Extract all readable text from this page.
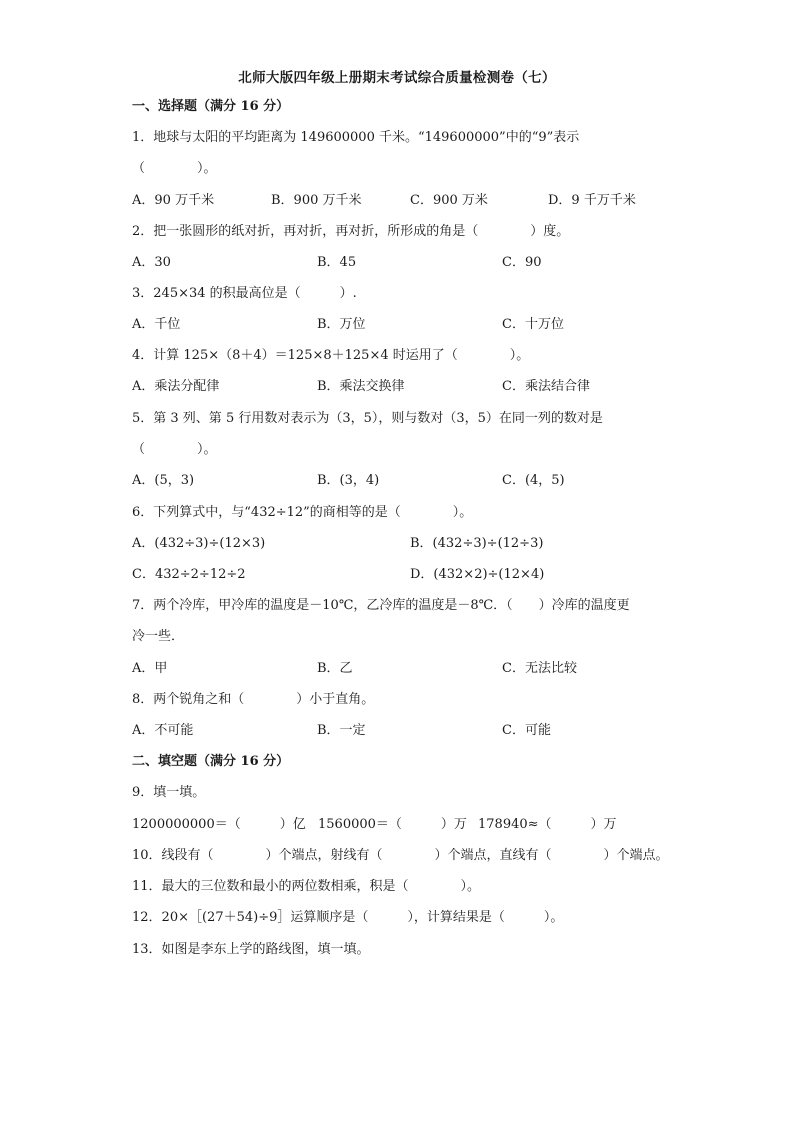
北师大版四年级上册期末考试综合质量检测卷（七）
一、选择题（满分 16 分）
1．地球与太阳的平均距离为 149600000 千米。“149600000”中的“9”表示
（　　　　）。
A．90 万千米	B．900 万千米	C．900 万米	D．9 千万千米
2．把一张圆形的纸对折，再对折，再对折，所形成的角是（　　　　）度。
A．30	B．45	C．90
3．245×34 的积最高位是（　　　）.
A．千位	B．万位	C．十万位
4．计算 125×（8＋4）＝125×8＋125×4 时运用了（　　　　）。
A．乘法分配律	B．乘法交换律	C．乘法结合律
5．第 3 列、第 5 行用数对表示为（3，5），则与数对（3，5）在同一列的数对是
（　　　　）。
A．(5，3)	B．(3，4)	C．(4，5)
6．下列算式中，与“432÷12”的商相等的是（　　　　）。
A．(432÷3)÷(12×3)	B．(432÷3)÷(12÷3)
C．432÷2÷12÷2	D．(432×2)÷(12×4)
7．两个冷库，甲冷库的温度是－10℃，乙冷库的温度是－8℃．（　　）冷库的温度更
冷一些．
A．甲	B．乙	C．无法比较
8．两个锐角之和（　　　　）小于直角。
A．不可能	B．一定	C．可能
二、填空题（满分 16 分）
9．填一填。
1200000000＝（　　　）亿 1560000＝（　　　）万 178940≈（　　　）万
10．线段有（　　　　）个端点，射线有（　　　　）个端点，直线有（　　　　）个端点。
11．最大的三位数和最小的两位数相乘，积是（　　　　）。
12．20×［(27＋54)÷9］运算顺序是（　　　），计算结果是（　　　）。
13．如图是李东上学的路线图，填一填。
